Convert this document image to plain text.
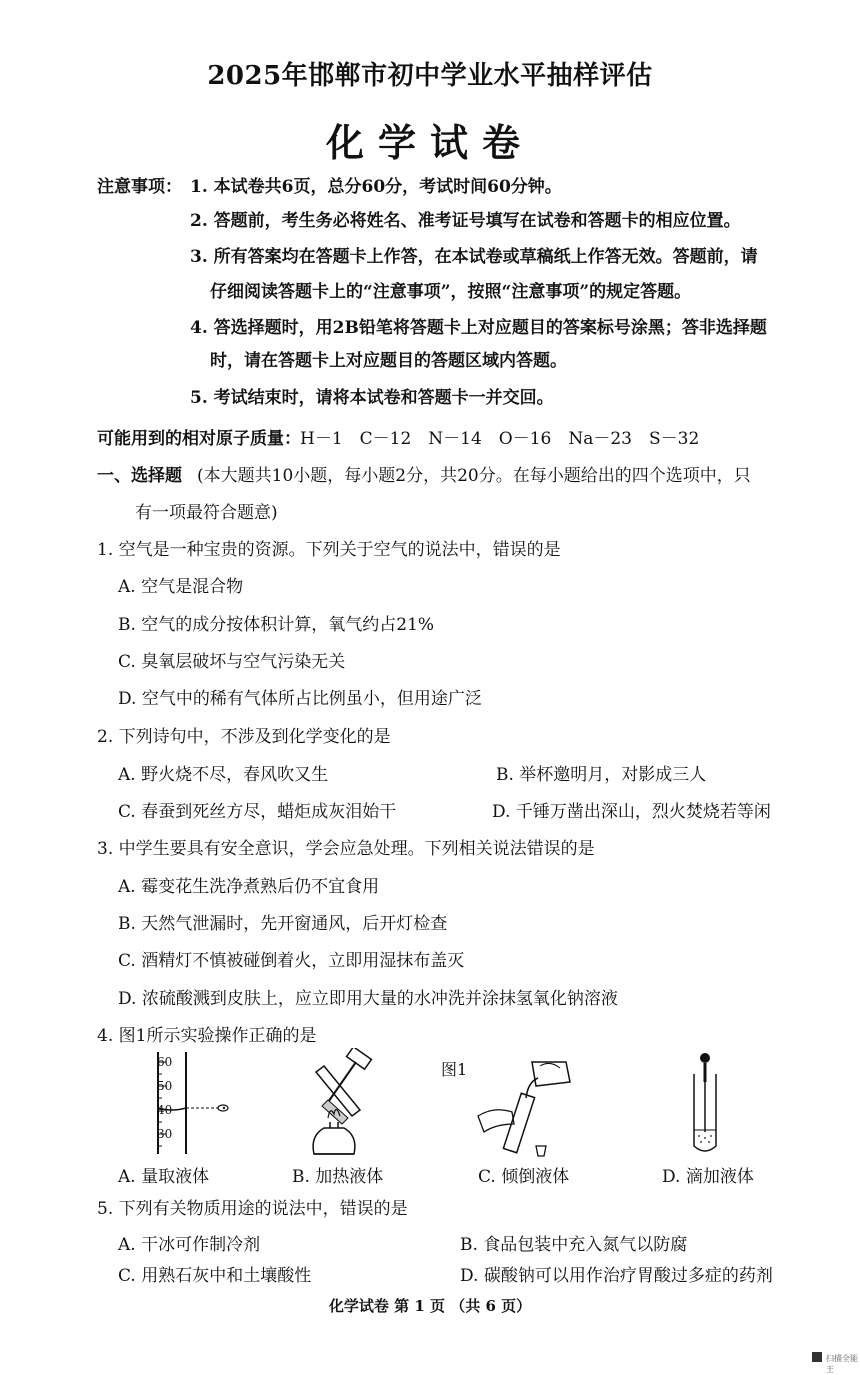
2025年邯郸市初中学业水平抽样评估
化学试卷
注意事项： 1. 本试卷共6页，总分60分，考试时间60分钟。
2. 答题前，考生务必将姓名、准考证号填写在试卷和答题卡的相应位置。
3. 所有答案均在答题卡上作答，在本试卷或草稿纸上作答无效。答题前，请
仔细阅读答题卡上的“注意事项”，按照“注意事项”的规定答题。
4. 答选择题时，用2B铅笔将答题卡上对应题目的答案标号涂黑；答非选择题
时，请在答题卡上对应题目的答题区域内答题。
5. 考试结束时，请将本试卷和答题卡一并交回。
可能用到的相对原子质量： H－1　C－12　N－14　O－16　Na－23　S－32
一、选择题 (本大题共10小题，每小题2分，共20分。在每小题给出的四个选项中，只
有一项最符合题意)
1. 空气是一种宝贵的资源。下列关于空气的说法中，错误的是
A. 空气是混合物
B. 空气的成分按体积计算，氧气约占21%
C. 臭氧层破坏与空气污染无关
D. 空气中的稀有气体所占比例虽小，但用途广泛
2. 下列诗句中，不涉及到化学变化的是
A. 野火烧不尽，春风吹又生	B. 举杯邀明月，对影成三人
C. 春蚕到死丝方尽，蜡炬成灰泪始干	D. 千锤万凿出深山，烈火焚烧若等闲
3. 中学生要具有安全意识，学会应急处理。下列相关说法错误的是
A. 霉变花生洗净煮熟后仍不宜食用
B. 天然气泄漏时，先开窗通风，后开灯检查
C. 酒精灯不慎被碰倒着火，立即用湿抹布盖灭
D. 浓硫酸溅到皮肤上，应立即用大量的水冲洗并涂抹氢氧化钠溶液
4. 图1所示实验操作正确的是
图1
60
50
40
30
A. 量取液体	B. 加热液体	C. 倾倒液体	D. 滴加液体
5. 下列有关物质用途的说法中，错误的是
A. 干冰可作制冷剂	B. 食品包装中充入氮气以防腐
C. 用熟石灰中和土壤酸性	D. 碳酸钠可以用作治疗胃酸过多症的药剂
化学试卷 第 1 页 （共 6 页）
扫描全能王
